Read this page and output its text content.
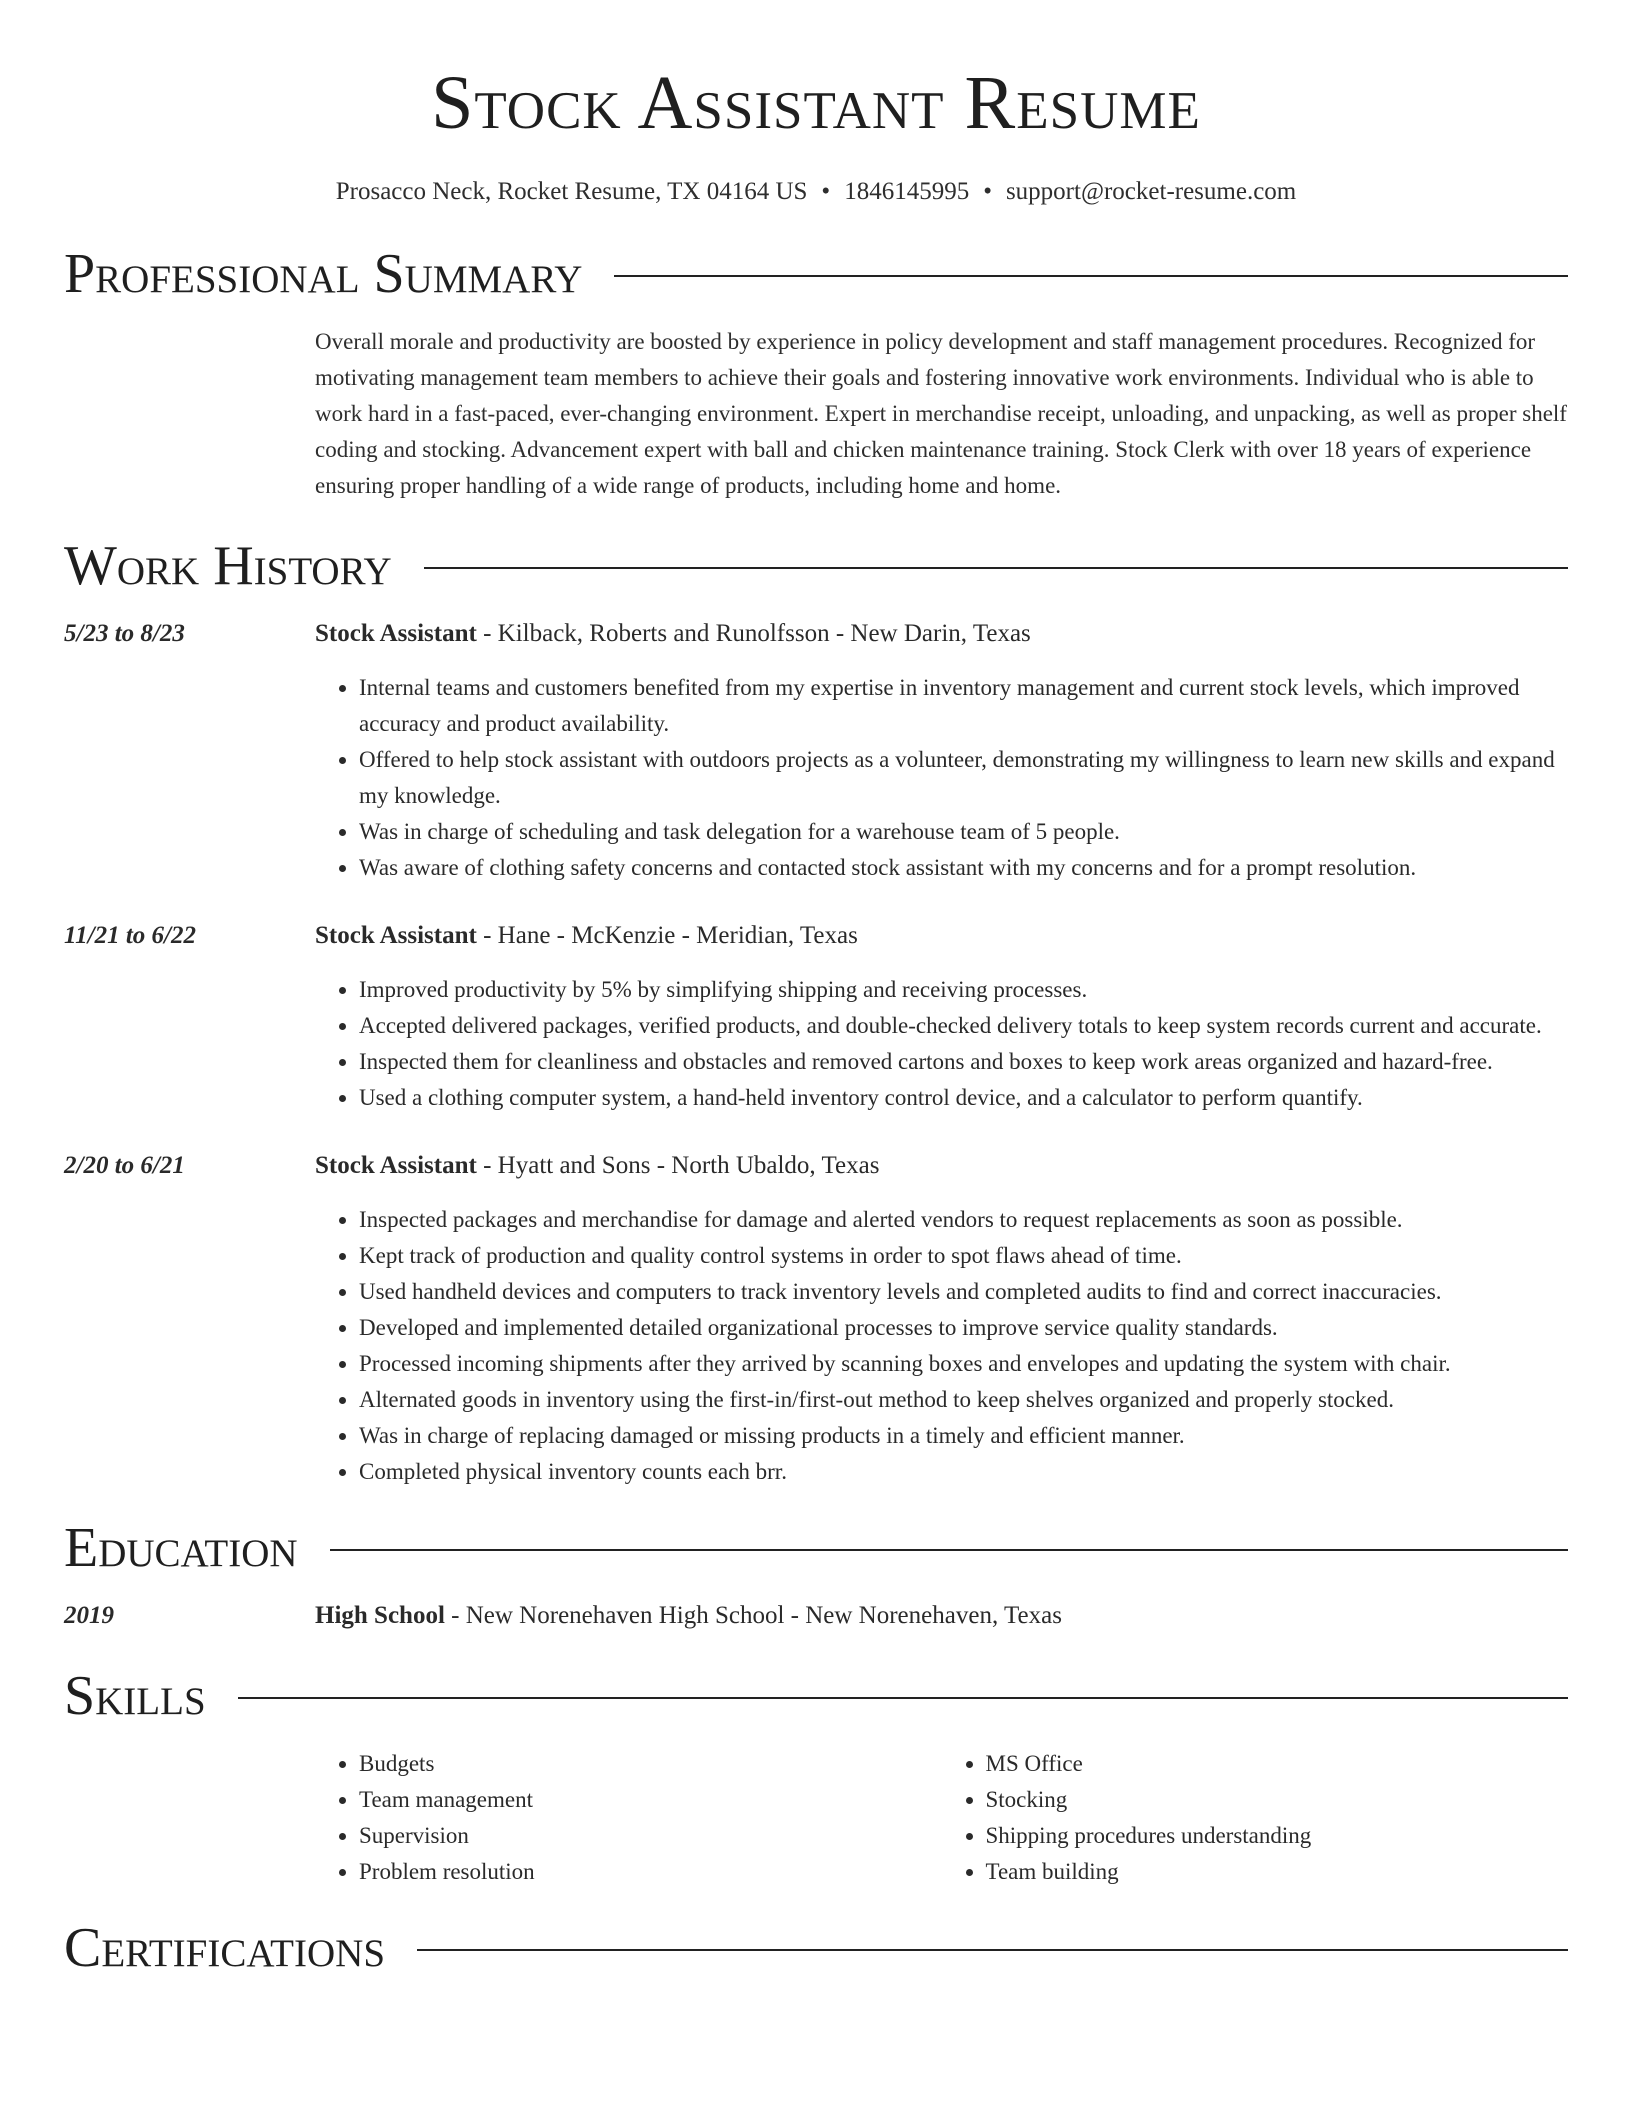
Stock Assistant Resume
Prosacco Neck, Rocket Resume, TX 04164 US • 1846145995 • support@rocket-resume.com
Professional Summary
Overall morale and productivity are boosted by experience in policy development and staff management procedures. Recognized for motivating management team members to achieve their goals and fostering innovative work environments. Individual who is able to work hard in a fast-paced, ever-changing environment. Expert in merchandise receipt, unloading, and unpacking, as well as proper shelf coding and stocking. Advancement expert with ball and chicken maintenance training. Stock Clerk with over 18 years of experience ensuring proper handling of a wide range of products, including home and home.
Work History
5/23 to 8/23	Stock Assistant - Kilback, Roberts and Runolfsson - New Darin, Texas
• Internal teams and customers benefited from my expertise in inventory management and current stock levels, which improved accuracy and product availability.
• Offered to help stock assistant with outdoors projects as a volunteer, demonstrating my willingness to learn new skills and expand my knowledge.
• Was in charge of scheduling and task delegation for a warehouse team of 5 people.
• Was aware of clothing safety concerns and contacted stock assistant with my concerns and for a prompt resolution.
11/21 to 6/22	Stock Assistant - Hane - McKenzie - Meridian, Texas
• Improved productivity by 5% by simplifying shipping and receiving processes.
• Accepted delivered packages, verified products, and double-checked delivery totals to keep system records current and accurate.
• Inspected them for cleanliness and obstacles and removed cartons and boxes to keep work areas organized and hazard-free.
• Used a clothing computer system, a hand-held inventory control device, and a calculator to perform quantify.
2/20 to 6/21	Stock Assistant - Hyatt and Sons - North Ubaldo, Texas
• Inspected packages and merchandise for damage and alerted vendors to request replacements as soon as possible.
• Kept track of production and quality control systems in order to spot flaws ahead of time.
• Used handheld devices and computers to track inventory levels and completed audits to find and correct inaccuracies.
• Developed and implemented detailed organizational processes to improve service quality standards.
• Processed incoming shipments after they arrived by scanning boxes and envelopes and updating the system with chair.
• Alternated goods in inventory using the first-in/first-out method to keep shelves organized and properly stocked.
• Was in charge of replacing damaged or missing products in a timely and efficient manner.
• Completed physical inventory counts each brr.
Education
2019	High School - New Norenehaven High School - New Norenehaven, Texas
Skills
• Budgets
• Team management
• Supervision
• Problem resolution
• MS Office
• Stocking
• Shipping procedures understanding
• Team building
Certifications
